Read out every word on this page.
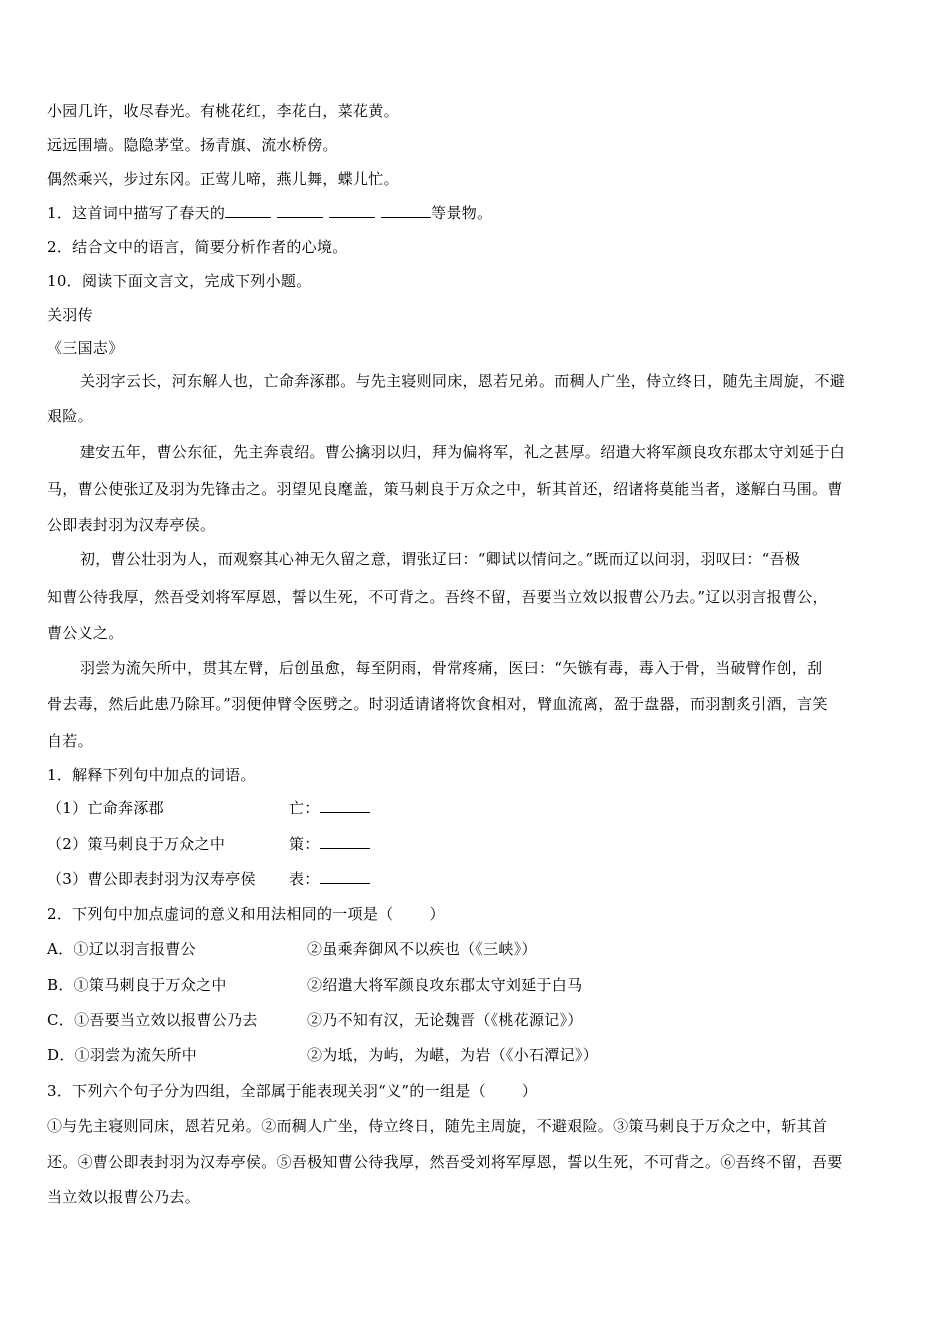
小园几许，收尽春光。有桃花红，李花白，菜花黄。
远远围墙。隐隐茅堂。扬青旗、流水桥傍。
偶然乘兴，步过东冈。正莺儿啼，燕儿舞，蝶儿忙。
1．这首词中描写了春天的	等景物。
2．结合文中的语言，简要分析作者的心境。
10．阅读下面文言文，完成下列小题。
关羽传
《三国志》
关羽字云长，河东解人也，亡命奔涿郡。与先主寝则同床，恩若兄弟。而稠人广坐，侍立终日，随先主周旋，不避
艰险。
建安五年，曹公东征，先主奔袁绍。曹公擒羽以归，拜为偏将军，礼之甚厚。绍遣大将军颜良攻东郡太守刘延于白
马，曹公使张辽及羽为先锋击之。羽望见良麾盖，策马刺良于万众之中，斩其首还，绍诸将莫能当者，遂解白马围。曹
公即表封羽为汉寿亭侯。
初，曹公壮羽为人，而观察其心神无久留之意，谓张辽曰：“卿试以情问之。”既而辽以问羽，羽叹曰：“吾极
知曹公待我厚，然吾受刘将军厚恩，誓以生死，不可背之。吾终不留，吾要当立效以报曹公乃去。”辽以羽言报曹公，
曹公义之。
羽尝为流矢所中，贯其左臂，后创虽愈，每至阴雨，骨常疼痛，医曰：“矢镞有毒，毒入于骨，当破臂作创，刮
骨去毒，然后此患乃除耳。”羽便伸臂令医劈之。时羽适请诸将饮食相对，臂血流离，盈于盘器，而羽割炙引酒，言笑
自若。
1．解释下列句中加点的词语。
（1）亡命奔涿郡	亡：
（2）策马刺良于万众之中	策：
（3）曹公即表封羽为汉寿亭侯 表：
2．下列句中加点虚词的意义和用法相同的一项是（ ）
A．①辽以羽言报曹公	②虽乘奔御风不以疾也（《三峡》）
B．①策马刺良于万众之中	②绍遣大将军颜良攻东郡太守刘延于白马
C．①吾要当立效以报曹公乃去	②乃不知有汉，无论魏晋（《桃花源记》）
D．①羽尝为流矢所中	②为坻，为屿，为嵁，为岩（《小石潭记》）
3．下列六个句子分为四组，全部属于能表现关羽“义”的一组是（ ）
①与先主寝则同床，恩若兄弟。②而稠人广坐，侍立终日，随先主周旋，不避艰险。③策马刺良于万众之中，斩其首
还。④曹公即表封羽为汉寿亭侯。⑤吾极知曹公待我厚，然吾受刘将军厚恩，誓以生死，不可背之。⑥吾终不留，吾要
当立效以报曹公乃去。
